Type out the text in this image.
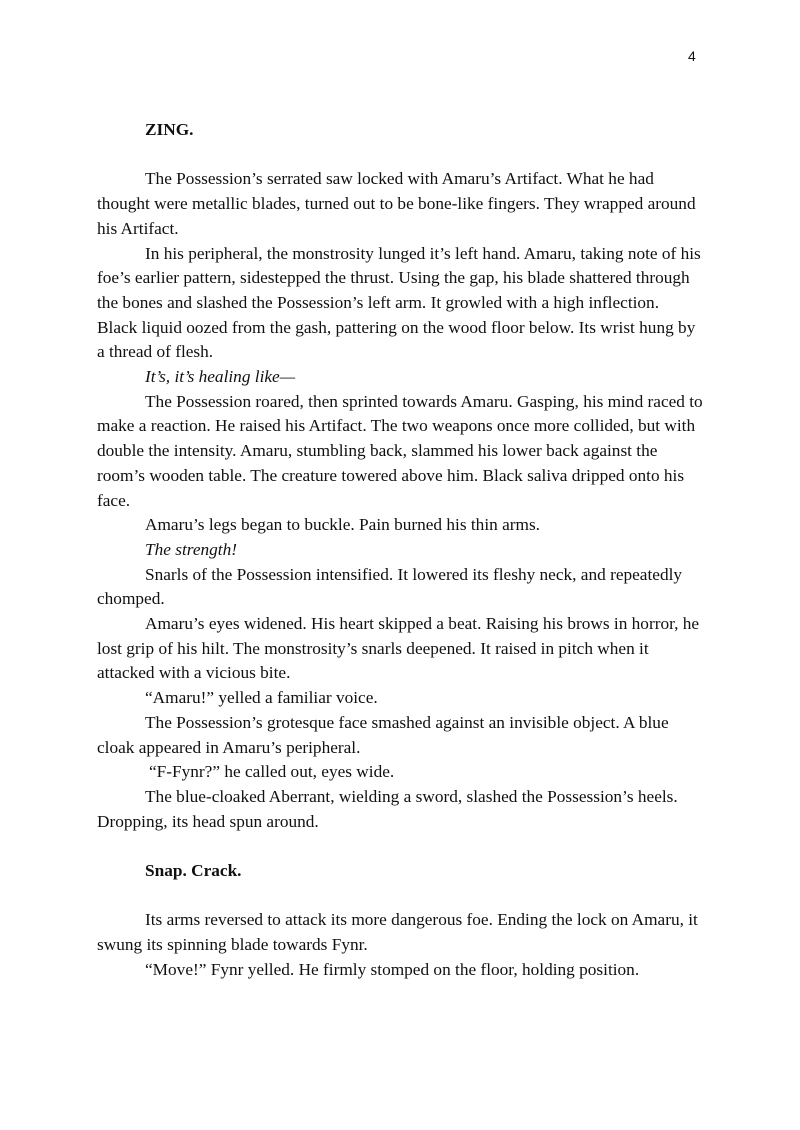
4

ZING.

The Possession’s serrated saw locked with Amaru’s Artifact. What he had thought were metallic blades, turned out to be bone-like fingers. They wrapped around his Artifact.

In his peripheral, the monstrosity lunged it’s left hand. Amaru, taking note of his foe’s earlier pattern, sidestepped the thrust. Using the gap, his blade shattered through the bones and slashed the Possession’s left arm. It growled with a high inflection. Black liquid oozed from the gash, pattering on the wood floor below. Its wrist hung by a thread of flesh.

It’s, it’s healing like—

The Possession roared, then sprinted towards Amaru. Gasping, his mind raced to make a reaction. He raised his Artifact. The two weapons once more collided, but with double the intensity. Amaru, stumbling back, slammed his lower back against the room’s wooden table. The creature towered above him. Black saliva dripped onto his face.

Amaru’s legs began to buckle. Pain burned his thin arms.

The strength!

Snarls of the Possession intensified. It lowered its fleshy neck, and repeatedly chomped.

Amaru’s eyes widened. His heart skipped a beat. Raising his brows in horror, he lost grip of his hilt. The monstrosity’s snarls deepened. It raised in pitch when it attacked with a vicious bite.

“Amaru!” yelled a familiar voice.

The Possession’s grotesque face smashed against an invisible object. A blue cloak appeared in Amaru’s peripheral.

“F-Fynr?” he called out, eyes wide.

The blue-cloaked Aberrant, wielding a sword, slashed the Possession’s heels. Dropping, its head spun around.

Snap. Crack.

Its arms reversed to attack its more dangerous foe. Ending the lock on Amaru, it swung its spinning blade towards Fynr.

“Move!” Fynr yelled. He firmly stomped on the floor, holding position.
